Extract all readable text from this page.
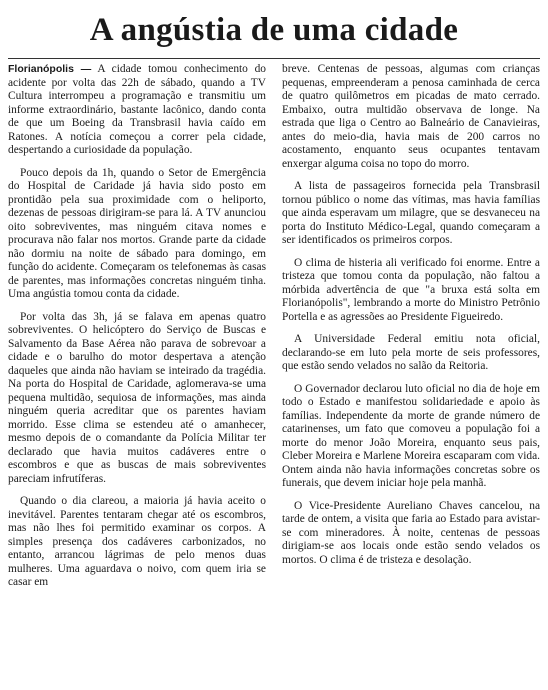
A angústia de uma cidade

Florianópolis — A cidade tomou conhecimento do acidente por volta das 22h de sábado, quando a TV Cultura interrompeu a programação e transmitiu um informe extraordinário, bastante lacônico, dando conta de que um Boeing da Transbrasil havia caído em Ratones. A notícia começou a correr pela cidade, despertando a curiosidade da população.

Pouco depois da 1h, quando o Setor de Emergência do Hospital de Caridade já havia sido posto em prontidão pela sua proximidade com o heliporto, dezenas de pessoas dirigiram-se para lá. A TV anunciou oito sobreviventes, mas ninguém citava nomes e procurava não falar nos mortos. Grande parte da cidade não dormiu na noite de sábado para domingo, em função do acidente. Começaram os telefonemas às casas de parentes, mas informações concretas ninguém tinha. Uma angústia tomou conta da cidade.

Por volta das 3h, já se falava em apenas quatro sobreviventes. O helicóptero do Serviço de Buscas e Salvamento da Base Aérea não parava de sobrevoar a cidade e o barulho do motor despertava a atenção daqueles que ainda não haviam se inteirado da tragédia. Na porta do Hospital de Caridade, aglomerava-se uma pequena multidão, sequiosa de informações, mas ainda ninguém queria acreditar que os parentes haviam morrido. Esse clima se estendeu até o amanhecer, mesmo depois de o comandante da Polícia Militar ter declarado que havia muitos cadáveres entre o escombros e que as buscas de mais sobreviventes pareciam infrutíferas.

Quando o dia clareou, a maioria já havia aceito o inevitável. Parentes tentaram chegar até os escombros, mas não lhes foi permitido examinar os corpos. A simples presença dos cadáveres carbonizados, no entanto, arrancou lágrimas de pelo menos duas mulheres. Uma aguardava o noivo, com quem iria se casar em

breve. Centenas de pessoas, algumas com crianças pequenas, empreenderam a penosa caminhada de cerca de quatro quilômetros em picadas de mato cerrado. Embaixo, outra multidão observava de longe. Na estrada que liga o Centro ao Balneário de Canavieiras, antes do meio-dia, havia mais de 200 carros no acostamento, enquanto seus ocupantes tentavam enxergar alguma coisa no topo do morro.

A lista de passageiros fornecida pela Transbrasil tornou público o nome das vítimas, mas havia famílias que ainda esperavam um milagre, que se desvaneceu na porta do Instituto Médico-Legal, quando começaram a ser identificados os primeiros corpos.

O clima de histeria ali verificado foi enorme. Entre a tristeza que tomou conta da população, não faltou a mórbida advertência de que "a bruxa está solta em Florianópolis", lembrando a morte do Ministro Petrônio Portella e as agressões ao Presidente Figueiredo.

A Universidade Federal emitiu nota oficial, declarando-se em luto pela morte de seis professores, que estão sendo velados no salão da Reitoria.

O Governador declarou luto oficial no dia de hoje em todo o Estado e manifestou solidariedade e apoio às famílias. Independente da morte de grande número de catarinenses, um fato que comoveu a população foi a morte do menor João Moreira, enquanto seus pais, Cleber Moreira e Marlene Moreira escaparam com vida. Ontem ainda não havia informações concretas sobre os funerais, que devem iniciar hoje pela manhã.

O Vice-Presidente Aureliano Chaves cancelou, na tarde de ontem, a visita que faria ao Estado para avistar-se com mineradores. À noite, centenas de pessoas dirigiam-se aos locais onde estão sendo velados os mortos. O clima é de tristeza e desolação.
